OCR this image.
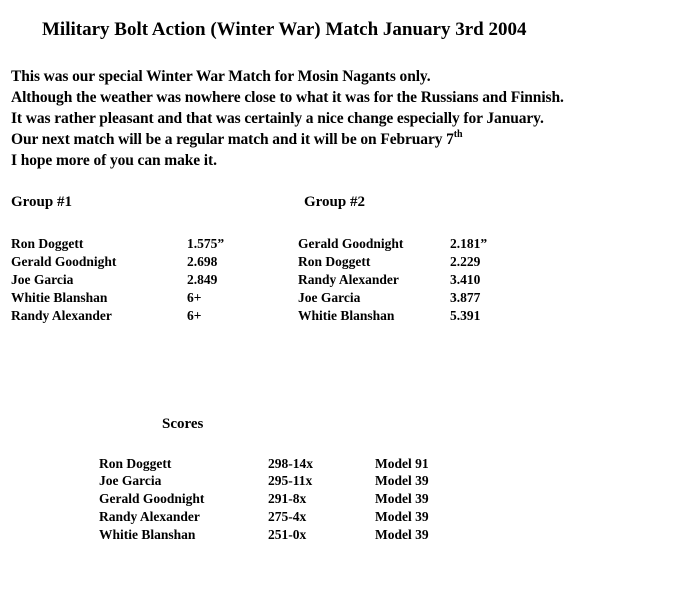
Military Bolt Action (Winter War) Match January 3rd 2004
This was our special Winter War Match for Mosin Nagants only.
Although the weather was nowhere close to what it was for the Russians and Finnish.
It was rather pleasant and that was certainly a nice change especially for January.
Our next match will be a regular match and it will be on February 7th
I hope more of you can make it.
Group #1	Group #2
Ron Doggett	1.575”
Gerald Goodnight	2.698
Joe Garcia	2.849
Whitie Blanshan	6+
Randy Alexander	6+
Gerald Goodnight	2.181”
Ron Doggett	2.229
Randy Alexander	3.410
Joe Garcia	3.877
Whitie Blanshan	5.391
Scores
Ron Doggett	298-14x	Model 91
Joe Garcia	295-11x	Model 39
Gerald Goodnight	291-8x	Model 39
Randy Alexander	275-4x	Model 39
Whitie Blanshan	251-0x	Model 39
